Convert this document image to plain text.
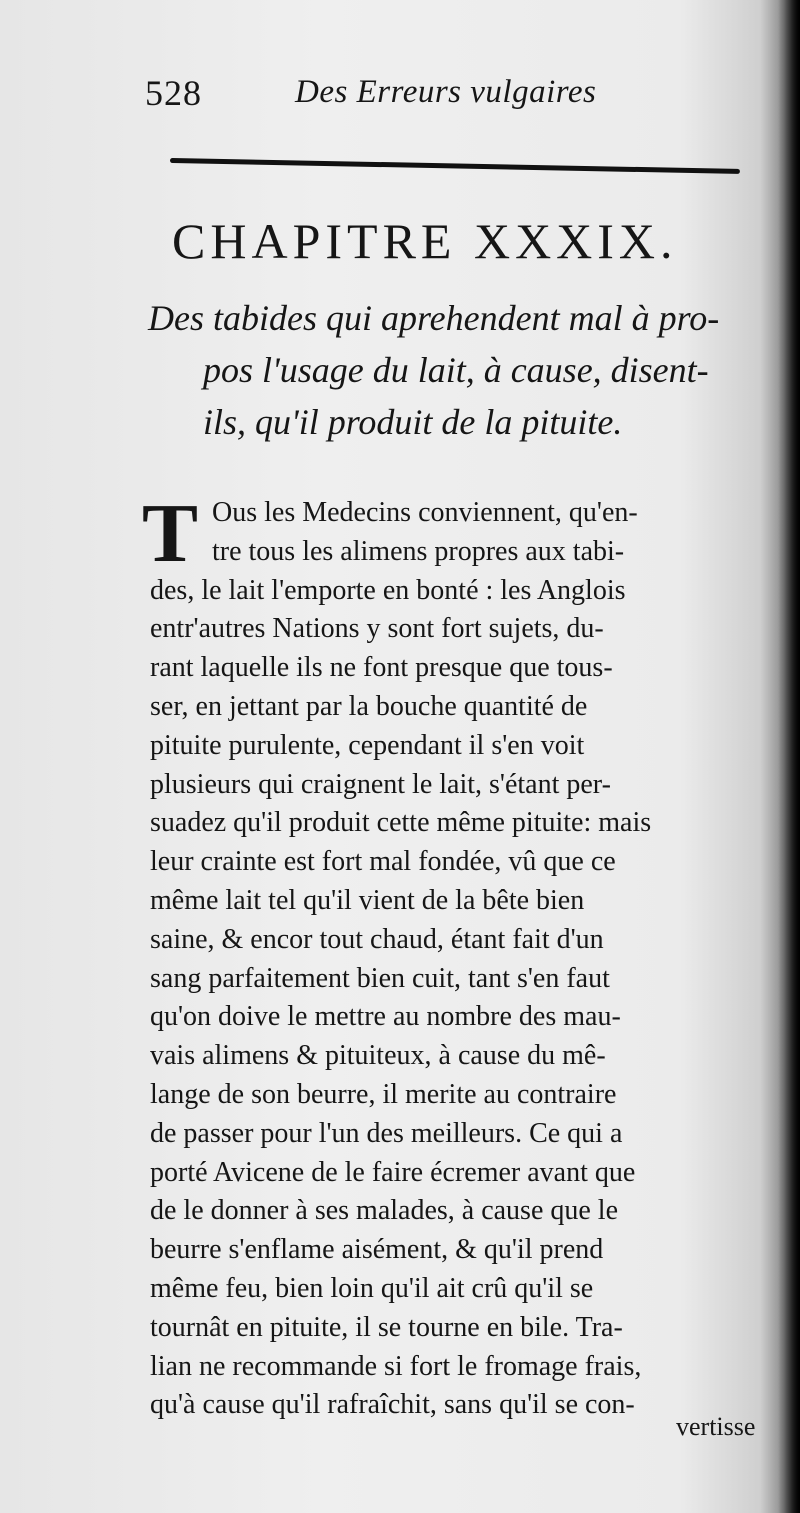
528	Des Erreurs vulgaires
CHAPITRE XXXIX.
Des tabides qui aprehendent mal à pro-
pos l'usage du lait, à cause, disent-
ils, qu'il produit de la pituite.
T Ous les Medecins conviennent, qu'en-
tre tous les alimens propres aux tabi-
des, le lait l'emporte en bonté : les Anglois
entr'autres Nations y sont fort sujets, du-
rant laquelle ils ne font presque que tous-
ser, en jettant par la bouche quantité de
pituite purulente, cependant il s'en voit
plusieurs qui craignent le lait, s'étant per-
suadez qu'il produit cette même pituite: mais
leur crainte est fort mal fondée, vû que ce
même lait tel qu'il vient de la bête bien
saine, & encor tout chaud, étant fait d'un
sang parfaitement bien cuit, tant s'en faut
qu'on doive le mettre au nombre des mau-
vais alimens & pituiteux, à cause du mê-
lange de son beurre, il merite au contraire
de passer pour l'un des meilleurs. Ce qui a
porté Avicene de le faire écremer avant que
de le donner à ses malades, à cause que le
beurre s'enflame aisément, & qu'il prend
même feu, bien loin qu'il ait crû qu'il se
tournât en pituite, il se tourne en bile. Tra-
lian ne recommande si fort le fromage frais,
qu'à cause qu'il rafraîchit, sans qu'il se con-
vertisse
